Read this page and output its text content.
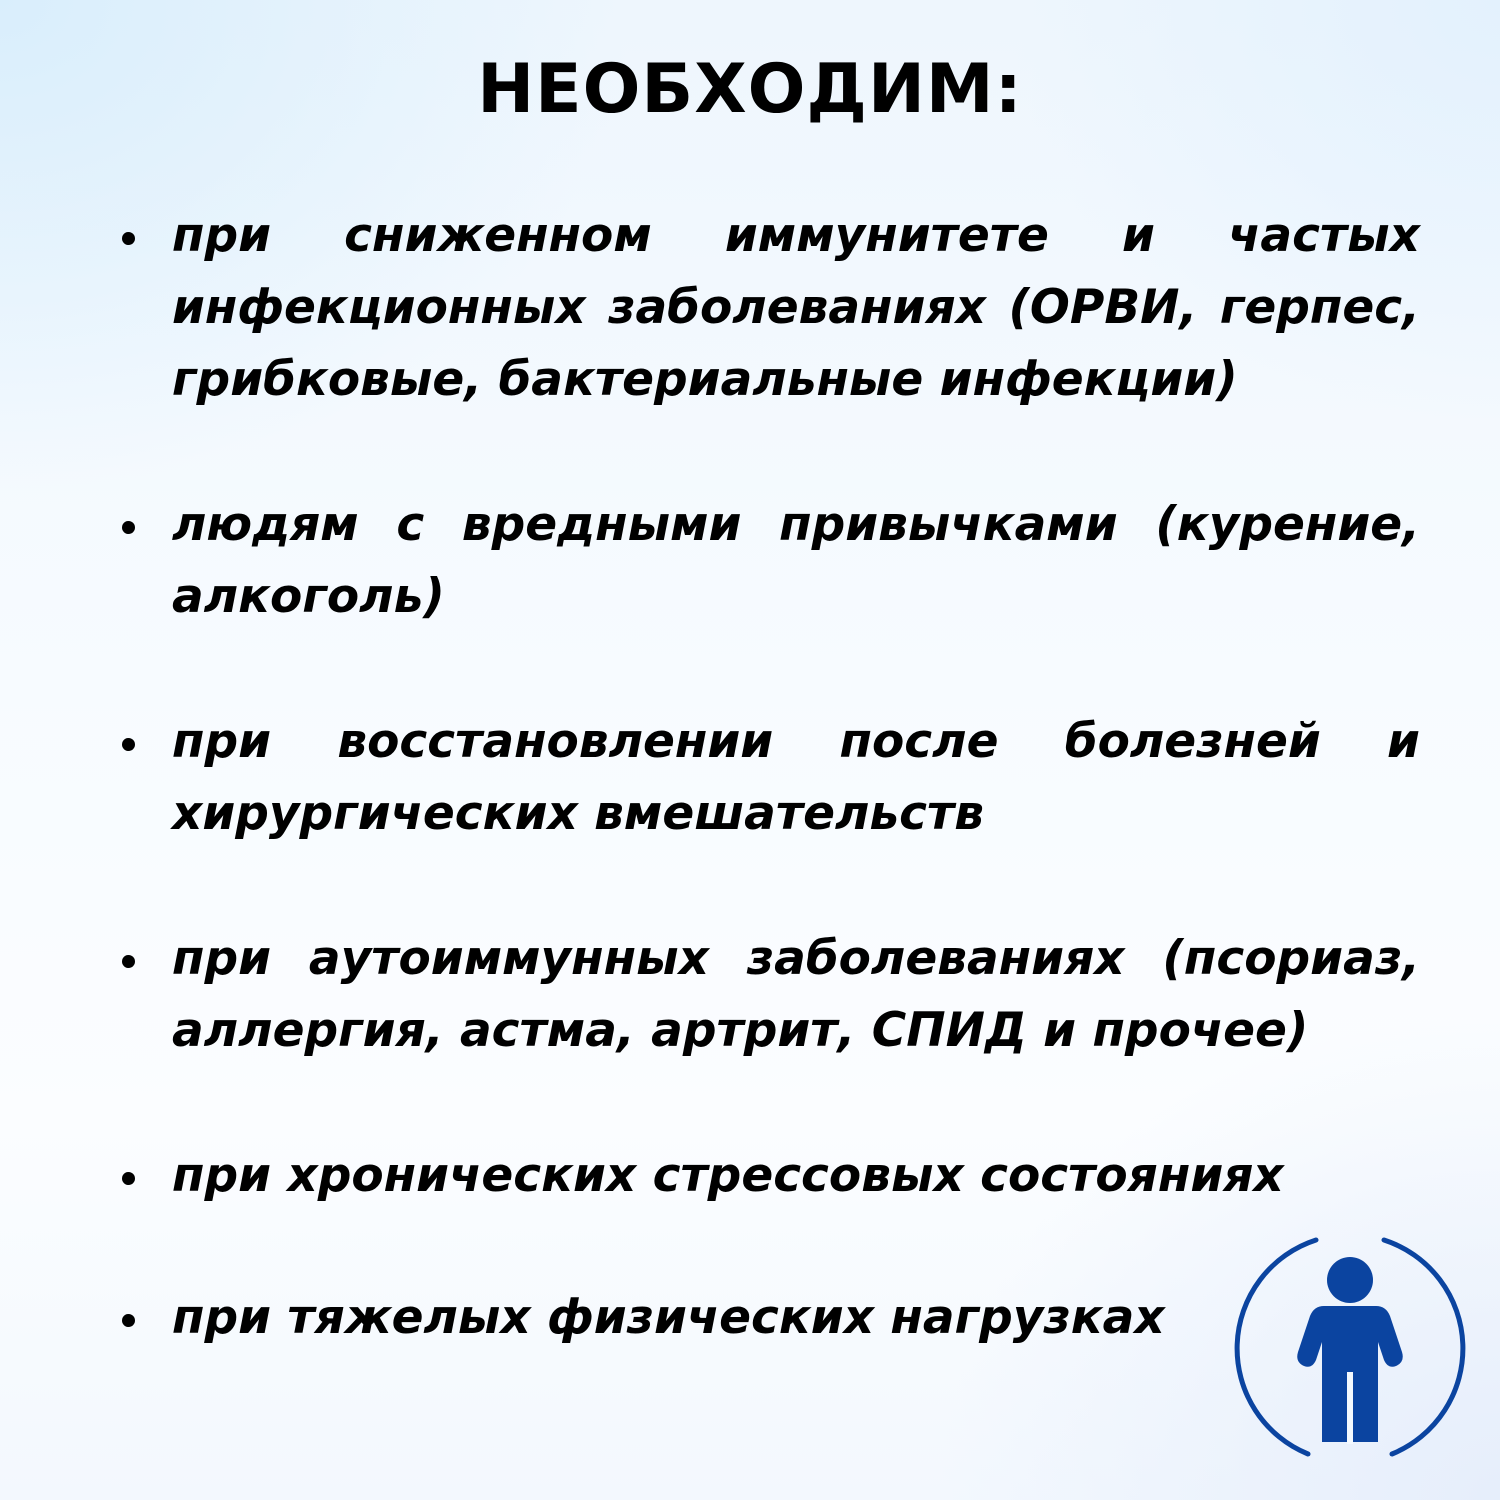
НЕОБХОДИМ:
при сниженном иммунитете и частых инфекционных заболеваниях (ОРВИ, герпес, грибковые, бактериальные инфекции)
людям с вредными привычками (курение, алкоголь)
при восстановлении после болезней и хирургических вмешательств
при аутоиммунных заболеваниях (псориаз, аллергия, астма, артрит, СПИД и прочее)
при хронических стрессовых состояниях
при тяжелых физических нагрузках
